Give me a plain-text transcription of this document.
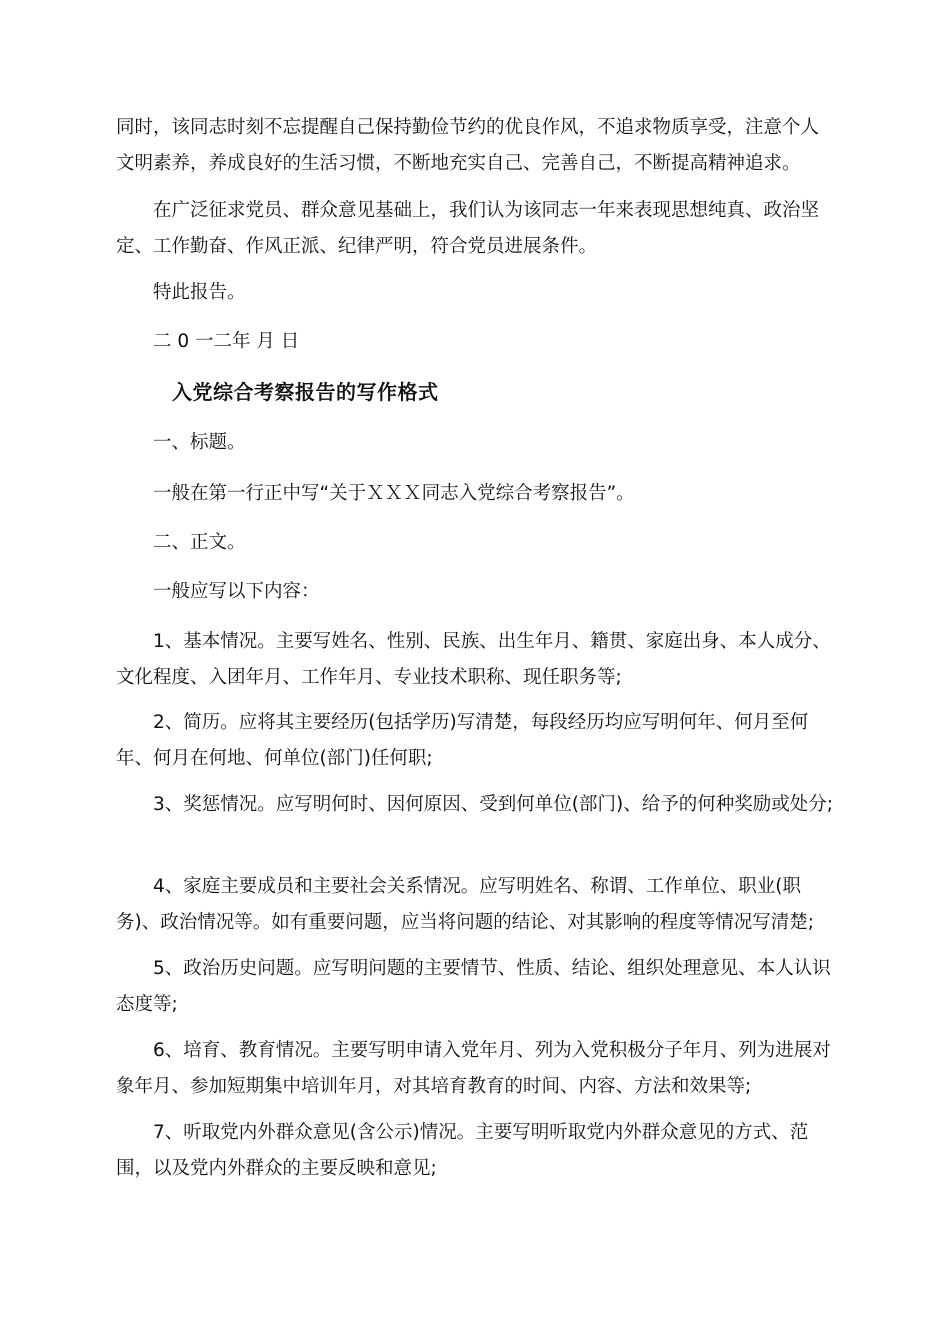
同时，该同志时刻不忘提醒自己保持勤俭节约的优良作风，不追求物质享受，注意个人文明素养，养成良好的生活习惯，不断地充实自己、完善自己，不断提高精神追求。

在广泛征求党员、群众意见基础上，我们认为该同志一年来表现思想纯真、政治坚定、工作勤奋、作风正派、纪律严明，符合党员进展条件。

特此报告。

二 0 一二年 月 日

入党综合考察报告的写作格式

一、标题。

一般在第一行正中写“关于ＸＸＸ同志入党综合考察报告”。

二、正文。

一般应写以下内容：

1、基本情况。主要写姓名、性别、民族、出生年月、籍贯、家庭出身、本人成分、文化程度、入团年月、工作年月、专业技术职称、现任职务等;

2、简历。应将其主要经历(包括学历)写清楚，每段经历均应写明何年、何月至何年、何月在何地、何单位(部门)任何职;

3、奖惩情况。应写明何时、因何原因、受到何单位(部门)、给予的何种奖励或处分;

4、家庭主要成员和主要社会关系情况。应写明姓名、称谓、工作单位、职业(职务)、政治情况等。如有重要问题，应当将问题的结论、对其影响的程度等情况写清楚;

5、政治历史问题。应写明问题的主要情节、性质、结论、组织处理意见、本人认识态度等;

6、培育、教育情况。主要写明申请入党年月、列为入党积极分子年月、列为进展对象年月、参加短期集中培训年月，对其培育教育的时间、内容、方法和效果等;

7、听取党内外群众意见(含公示)情况。主要写明听取党内外群众意见的方式、范围，以及党内外群众的主要反映和意见;
